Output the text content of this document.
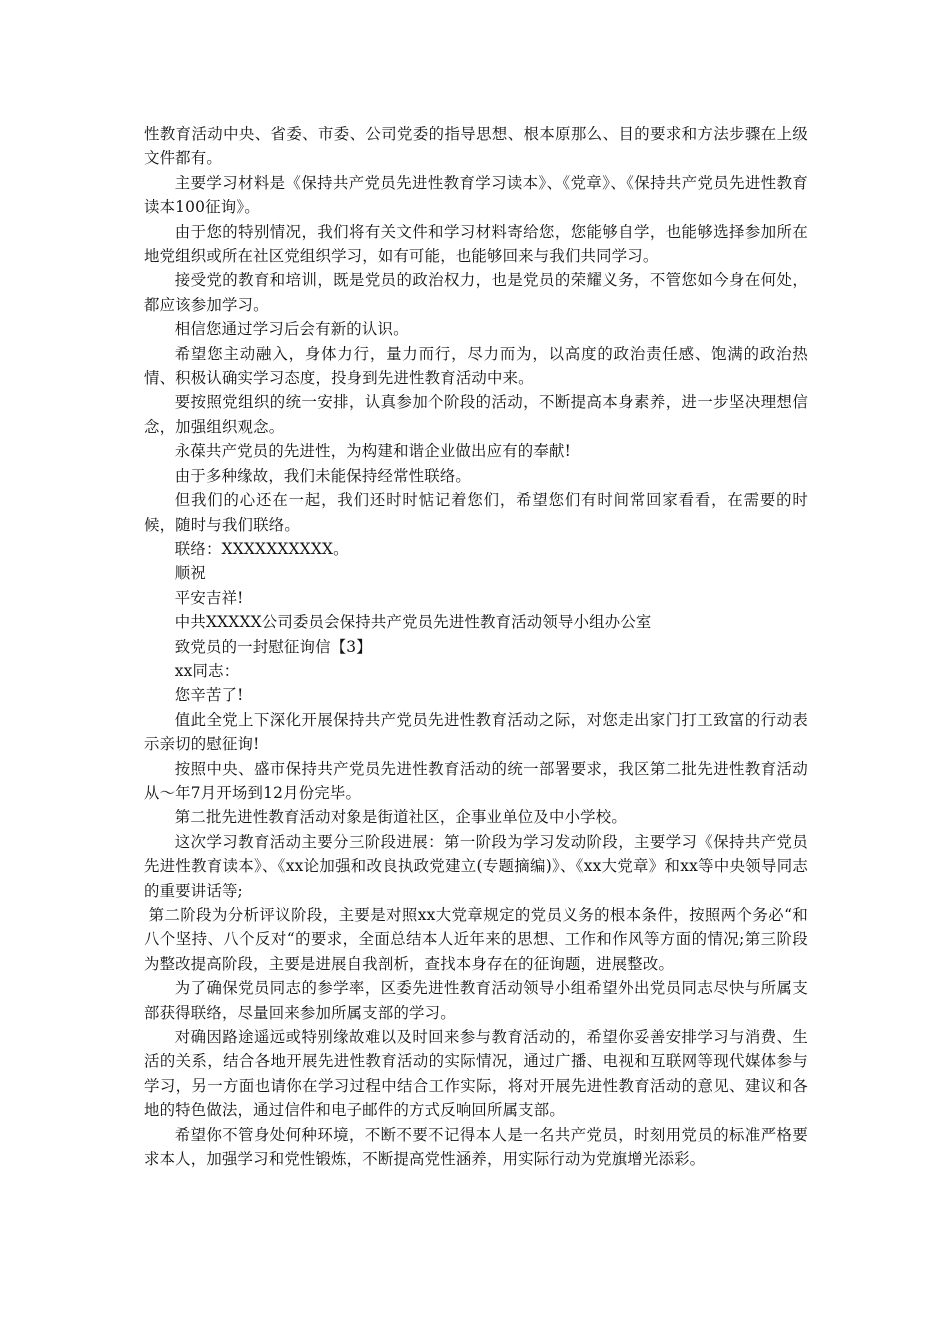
性教育活动中央、省委、市委、公司党委的指导思想、根本原那么、目的要求和方法步骤在上级文件都有。

主要学习材料是《保持共产党员先进性教育学习读本》、《党章》、《保持共产党员先进性教育读本100征询》。

由于您的特别情况，我们将有关文件和学习材料寄给您，您能够自学，也能够选择参加所在地党组织或所在社区党组织学习，如有可能，也能够回来与我们共同学习。

接受党的教育和培训，既是党员的政治权力，也是党员的荣耀义务，不管您如今身在何处，都应该参加学习。

相信您通过学习后会有新的认识。

希望您主动融入，身体力行，量力而行，尽力而为，以高度的政治责任感、饱满的政治热情、积极认确实学习态度，投身到先进性教育活动中来。

要按照党组织的统一安排，认真参加个阶段的活动，不断提高本身素养，进一步坚决理想信念，加强组织观念。

永葆共产党员的先进性，为构建和谐企业做出应有的奉献!

由于多种缘故，我们未能保持经常性联络。

但我们的心还在一起，我们还时时惦记着您们，希望您们有时间常回家看看，在需要的时候，随时与我们联络。

联络：XXXXXXXXXX。

顺祝

平安吉祥!

中共XXXXX公司委员会保持共产党员先进性教育活动领导小组办公室

致党员的一封慰征询信【3】

xx同志：

您辛苦了!

值此全党上下深化开展保持共产党员先进性教育活动之际，对您走出家门打工致富的行动表示亲切的慰征询!

按照中央、盛市保持共产党员先进性教育活动的统一部署要求，我区第二批先进性教育活动从～年7月开场到12月份完毕。

第二批先进性教育活动对象是街道社区，企事业单位及中小学校。

这次学习教育活动主要分三阶段进展：第一阶段为学习发动阶段，主要学习《保持共产党员先进性教育读本》、《xx论加强和改良执政党建立(专题摘编)》、《xx大党章》和xx等中央领导同志的重要讲话等;

第二阶段为分析评议阶段，主要是对照xx大党章规定的党员义务的根本条件，按照两个务必“和八个坚持、八个反对“的要求，全面总结本人近年来的思想、工作和作风等方面的情况;第三阶段为整改提高阶段，主要是进展自我剖析，查找本身存在的征询题，进展整改。

为了确保党员同志的参学率，区委先进性教育活动领导小组希望外出党员同志尽快与所属支部获得联络，尽量回来参加所属支部的学习。

对确因路途遥远或特别缘故难以及时回来参与教育活动的，希望你妥善安排学习与消费、生活的关系，结合各地开展先进性教育活动的实际情况，通过广播、电视和互联网等现代媒体参与学习，另一方面也请你在学习过程中结合工作实际，将对开展先进性教育活动的意见、建议和各地的特色做法，通过信件和电子邮件的方式反响回所属支部。

希望你不管身处何种环境，不断不要不记得本人是一名共产党员，时刻用党员的标准严格要求本人，加强学习和党性锻炼，不断提高党性涵养，用实际行动为党旗增光添彩。
